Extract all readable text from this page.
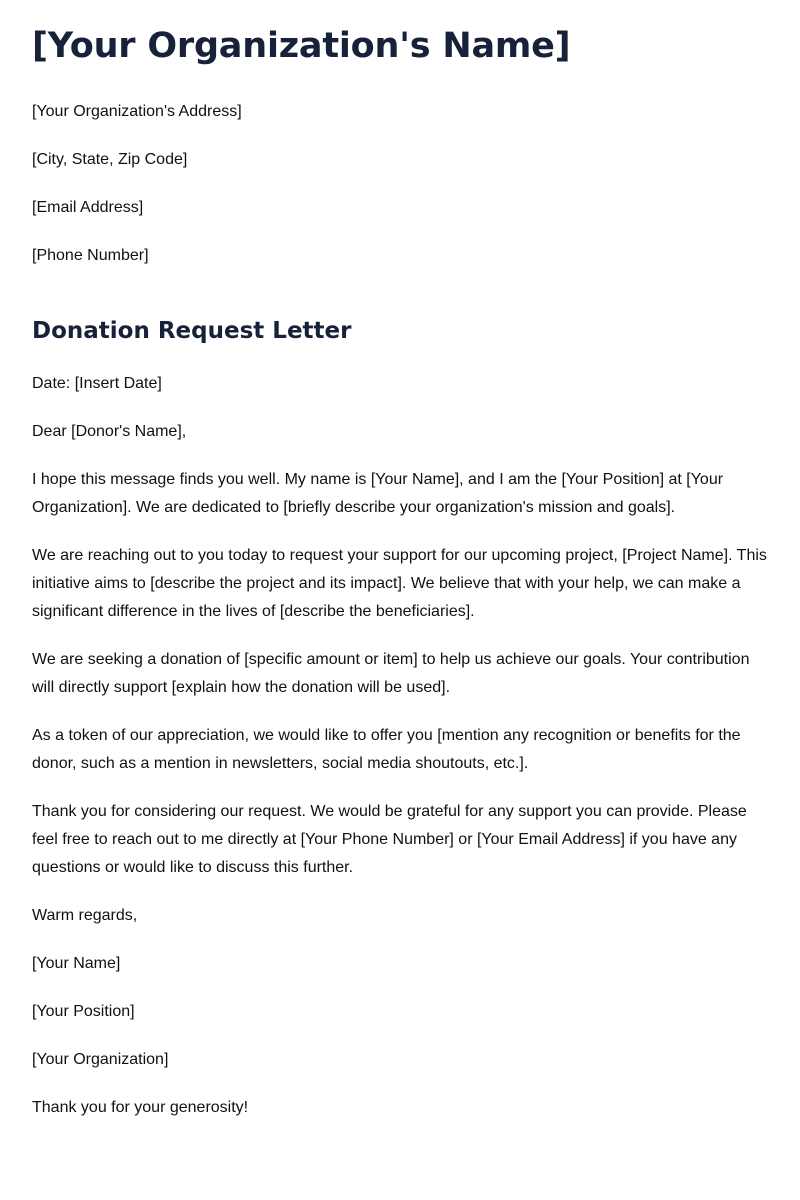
[Your Organization's Name]

[Your Organization's Address]

[City, State, Zip Code]

[Email Address]

[Phone Number]

Donation Request Letter

Date: [Insert Date]

Dear [Donor's Name],

I hope this message finds you well. My name is [Your Name], and I am the [Your Position] at [Your Organization]. We are dedicated to [briefly describe your organization's mission and goals].

We are reaching out to you today to request your support for our upcoming project, [Project Name]. This initiative aims to [describe the project and its impact]. We believe that with your help, we can make a significant difference in the lives of [describe the beneficiaries].

We are seeking a donation of [specific amount or item] to help us achieve our goals. Your contribution will directly support [explain how the donation will be used].

As a token of our appreciation, we would like to offer you [mention any recognition or benefits for the donor, such as a mention in newsletters, social media shoutouts, etc.].

Thank you for considering our request. We would be grateful for any support you can provide. Please feel free to reach out to me directly at [Your Phone Number] or [Your Email Address] if you have any questions or would like to discuss this further.

Warm regards,

[Your Name]

[Your Position]

[Your Organization]

Thank you for your generosity!
